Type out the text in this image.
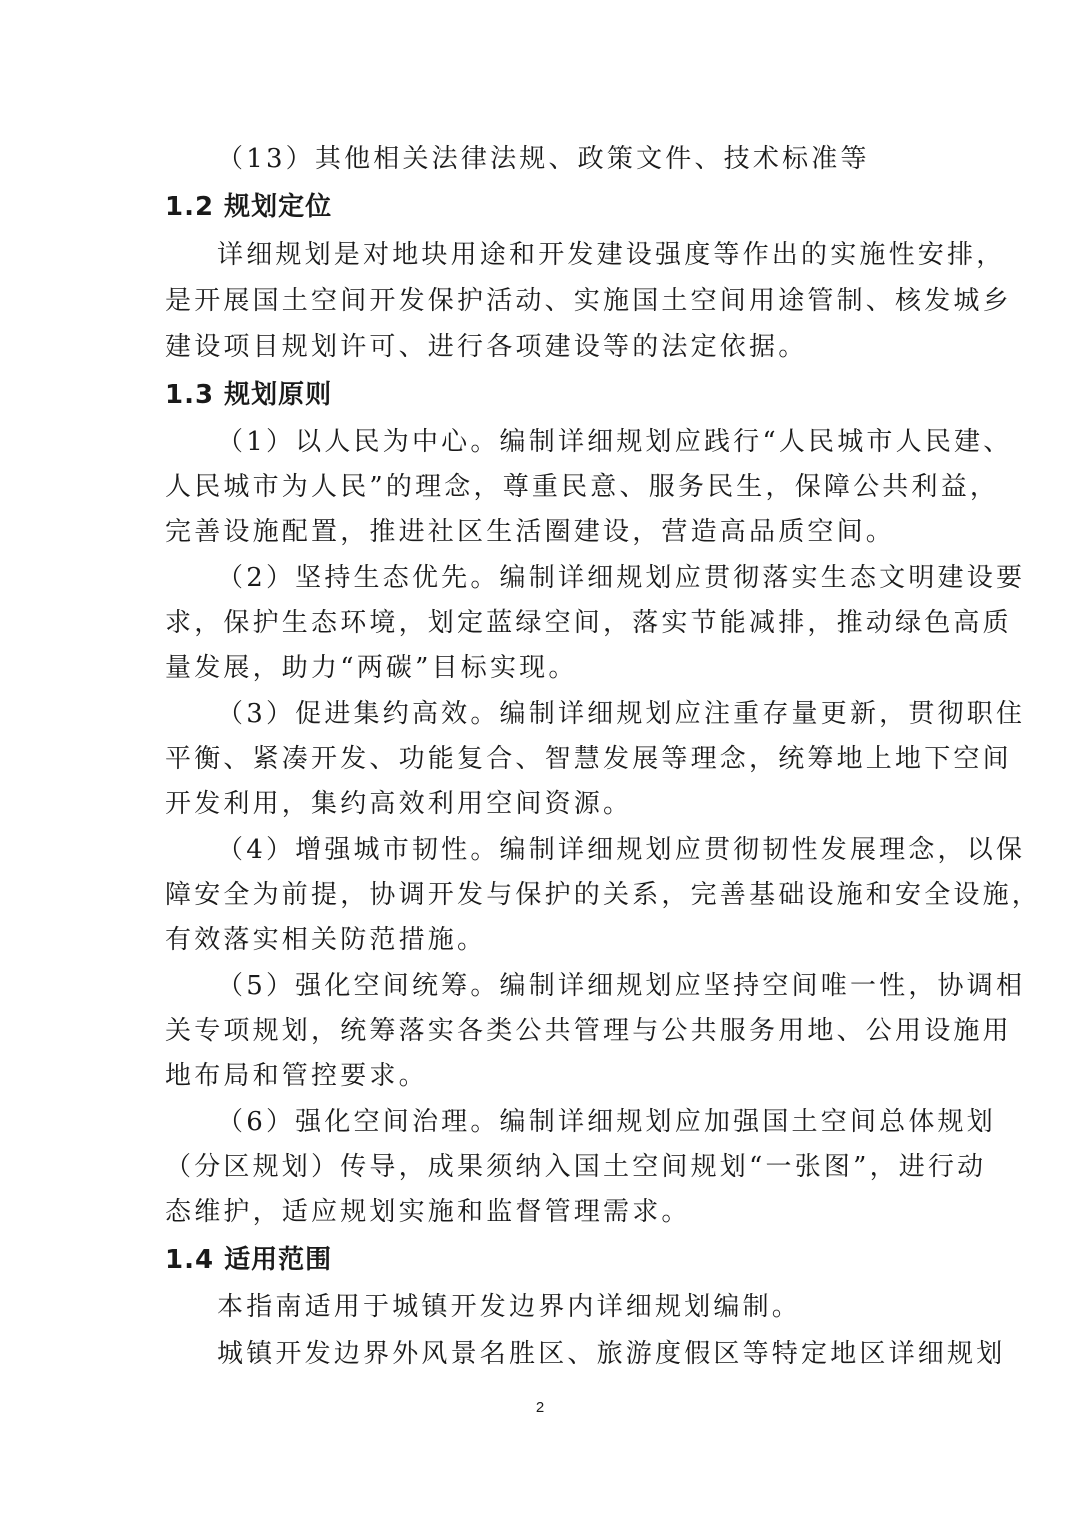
（13）其他相关法律法规、政策文件、技术标准等
1.2 规划定位
详细规划是对地块用途和开发建设强度等作出的实施性安排，
是开展国土空间开发保护活动、实施国土空间用途管制、核发城乡
建设项目规划许可、进行各项建设等的法定依据。
1.3 规划原则
（1）以人民为中心。编制详细规划应践行“人民城市人民建、
人民城市为人民”的理念，尊重民意、服务民生，保障公共利益，
完善设施配置，推进社区生活圈建设，营造高品质空间。
（2）坚持生态优先。编制详细规划应贯彻落实生态文明建设要
求，保护生态环境，划定蓝绿空间，落实节能减排，推动绿色高质
量发展，助力“两碳”目标实现。
（3）促进集约高效。编制详细规划应注重存量更新，贯彻职住
平衡、紧凑开发、功能复合、智慧发展等理念，统筹地上地下空间
开发利用，集约高效利用空间资源。
（4）增强城市韧性。编制详细规划应贯彻韧性发展理念，以保
障安全为前提，协调开发与保护的关系，完善基础设施和安全设施，
有效落实相关防范措施。
（5）强化空间统筹。编制详细规划应坚持空间唯一性，协调相
关专项规划，统筹落实各类公共管理与公共服务用地、公用设施用
地布局和管控要求。
（6）强化空间治理。编制详细规划应加强国土空间总体规划
（分区规划）传导，成果须纳入国土空间规划“一张图”，进行动
态维护，适应规划实施和监督管理需求。
1.4 适用范围
本指南适用于城镇开发边界内详细规划编制。
城镇开发边界外风景名胜区、旅游度假区等特定地区详细规划
2
